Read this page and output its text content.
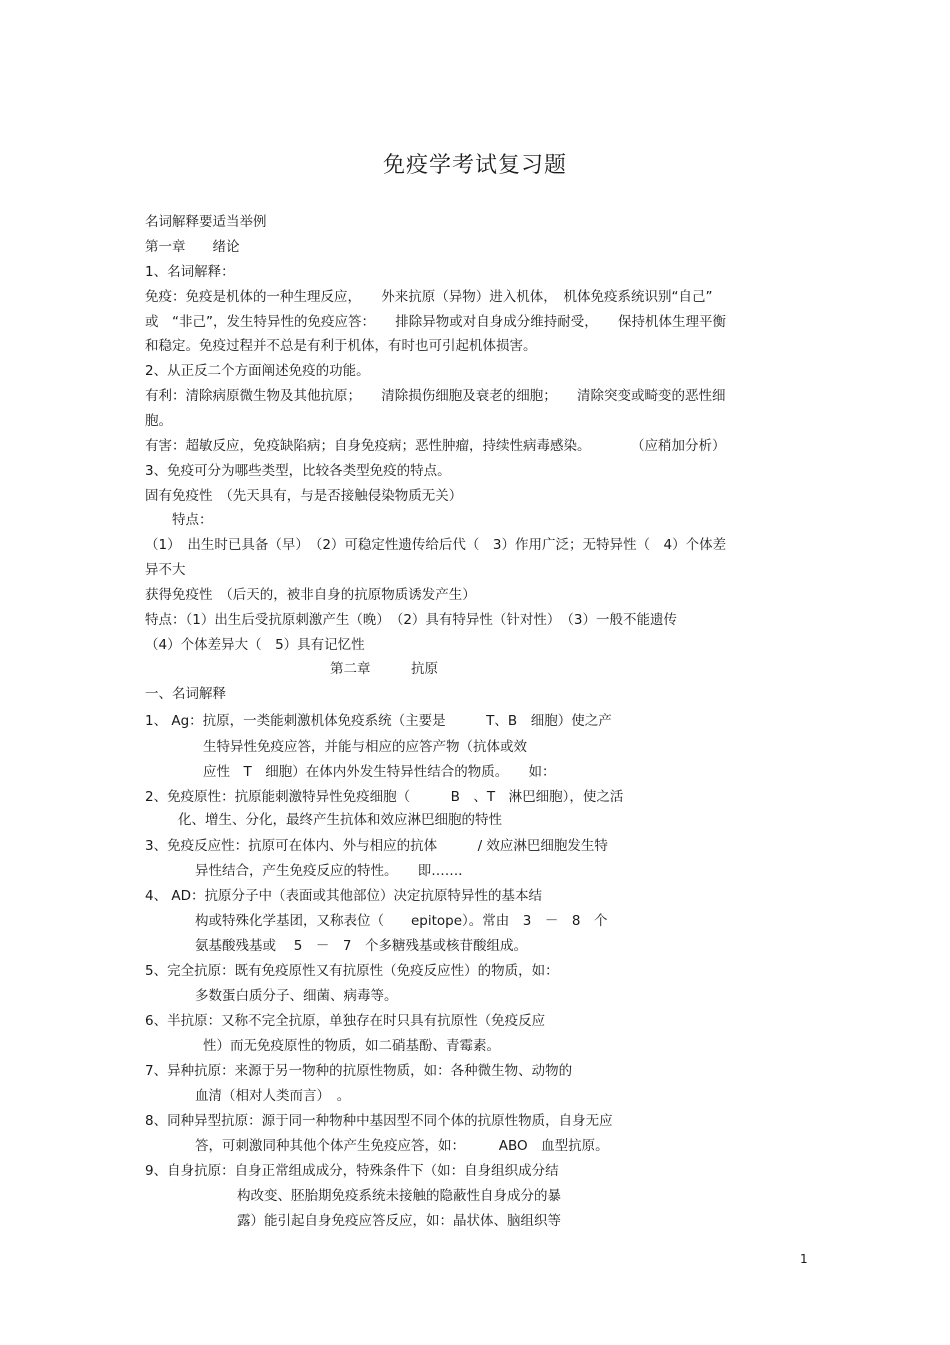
免疫学考试复习题
名词解释要适当举例
第一章　　绪论
1、名词解释：
免疫：免疫是机体的一种生理反应，　　外来抗原（异物）进入机体，　机体免疫系统识别“自己”
或　“非己”，发生特异性的免疫应答：　　排除异物或对自身成分维持耐受，　　保持机体生理平衡
和稳定。免疫过程并不总是有利于机体，有时也可引起机体损害。
2、从正反二个方面阐述免疫的功能。
有利：清除病原微生物及其他抗原；　　清除损伤细胞及衰老的细胞；　　清除突变或畸变的恶性细
胞。
有害：超敏反应，免疫缺陷病；自身免疫病；恶性肿瘤，持续性病毒感染。　　　　（应稍加分析）
3、免疫可分为哪些类型，比较各类型免疫的特点。
固有免疫性　（先天具有，与是否接触侵染物质无关）
特点：
（1）　出生时已具备（早）　（2）可稳定性遗传给后代（　3）作用广泛；无特异性（　4）个体差
异不大
获得免疫性　（后天的，被非自身的抗原物质诱发产生）
特点：（1）出生后受抗原刺激产生（晚）　（2）具有特异性（针对性）　（3）一般不能遗传
（4）个体差异大（　5）具有记忆性
第二章　　　抗原
一、名词解释
1、 Ag：抗原，一类能刺激机体免疫系统（主要是　　　T、B　细胞）使之产
生特异性免疫应答，并能与相应的应答产物（抗体或效
应性　T　细胞）在体内外发生特异性结合的物质。　　如：
2、免疫原性：抗原能刺激特异性免疫细胞（　　　B　、T　淋巴细胞），使之活
化、增生、分化，最终产生抗体和效应淋巴细胞的特性
3、免疫反应性：抗原可在体内、外与相应的抗体　　　/ 效应淋巴细胞发生特
异性结合，产生免疫反应的特性。　　即……．
4、 AD：抗原分子中（表面或其他部位）决定抗原特异性的基本结
构或特殊化学基团，又称表位（　　epitope）。常由　3　－　8　个
氨基酸残基或　 5　－　7　个多糖残基或核苷酸组成。
5、完全抗原：既有免疫原性又有抗原性（免疫反应性）的物质，如：
多数蛋白质分子、细菌、病毒等。
6、半抗原：又称不完全抗原，单独存在时只具有抗原性（免疫反应
性）而无免疫原性的物质，如二硝基酚、青霉素。
7、异种抗原：来源于另一物种的抗原性物质，如：各种微生物、动物的
血清（相对人类而言）　。
8、同种异型抗原：源于同一种物种中基因型不同个体的抗原性物质，自身无应
答，可刺激同种其他个体产生免疫应答，如：　　　ABO　血型抗原。
9、自身抗原：自身正常组成成分，特殊条件下（如：自身组织成分结
构改变、胚胎期免疫系统未接触的隐蔽性自身成分的暴
露）能引起自身免疫应答反应，如：晶状体、脑组织等
1
